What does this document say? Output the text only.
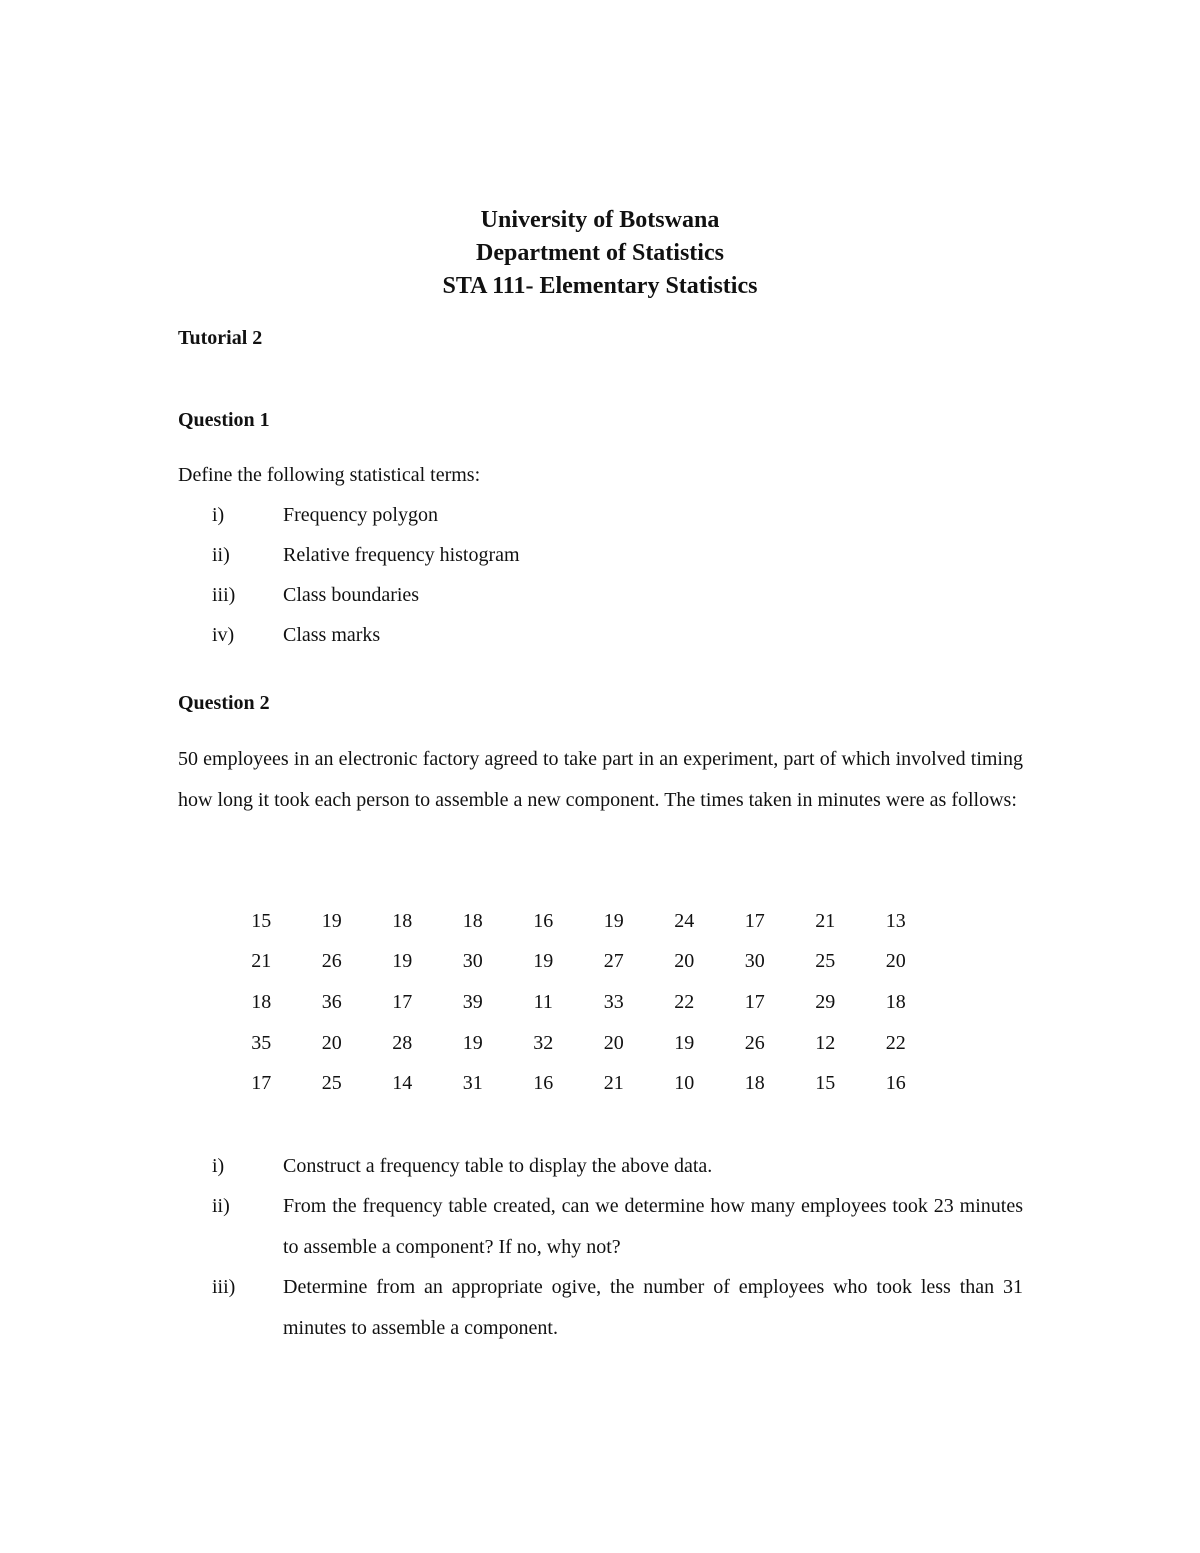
University of Botswana
Department of Statistics
STA 111- Elementary Statistics
Tutorial 2
Question 1
Define the following statistical terms:
i)	Frequency polygon
ii)	Relative frequency histogram
iii) Class boundaries
iv) Class marks
Question 2
50 employees in an electronic factory agreed to take part in an experiment, part of which involved timing how long it took each person to assemble a new component. The times taken in minutes were as follows:
15	19	18	18	16	19	24	17	21	13
21	26	19	30	19	27	20	30	25	20
18	36	17	39	11	33	22	17	29	18
35	20	28	19	32	20	19	26	12	22
17	25	14	31	16	21	10	18	15	16
i)	Construct a frequency table to display the above data.
ii)	From the frequency table created, can we determine how many employees took 23 minutes to assemble a component? If no, why not?
iii) Determine from an appropriate ogive, the number of employees who took less than 31 minutes to assemble a component.
